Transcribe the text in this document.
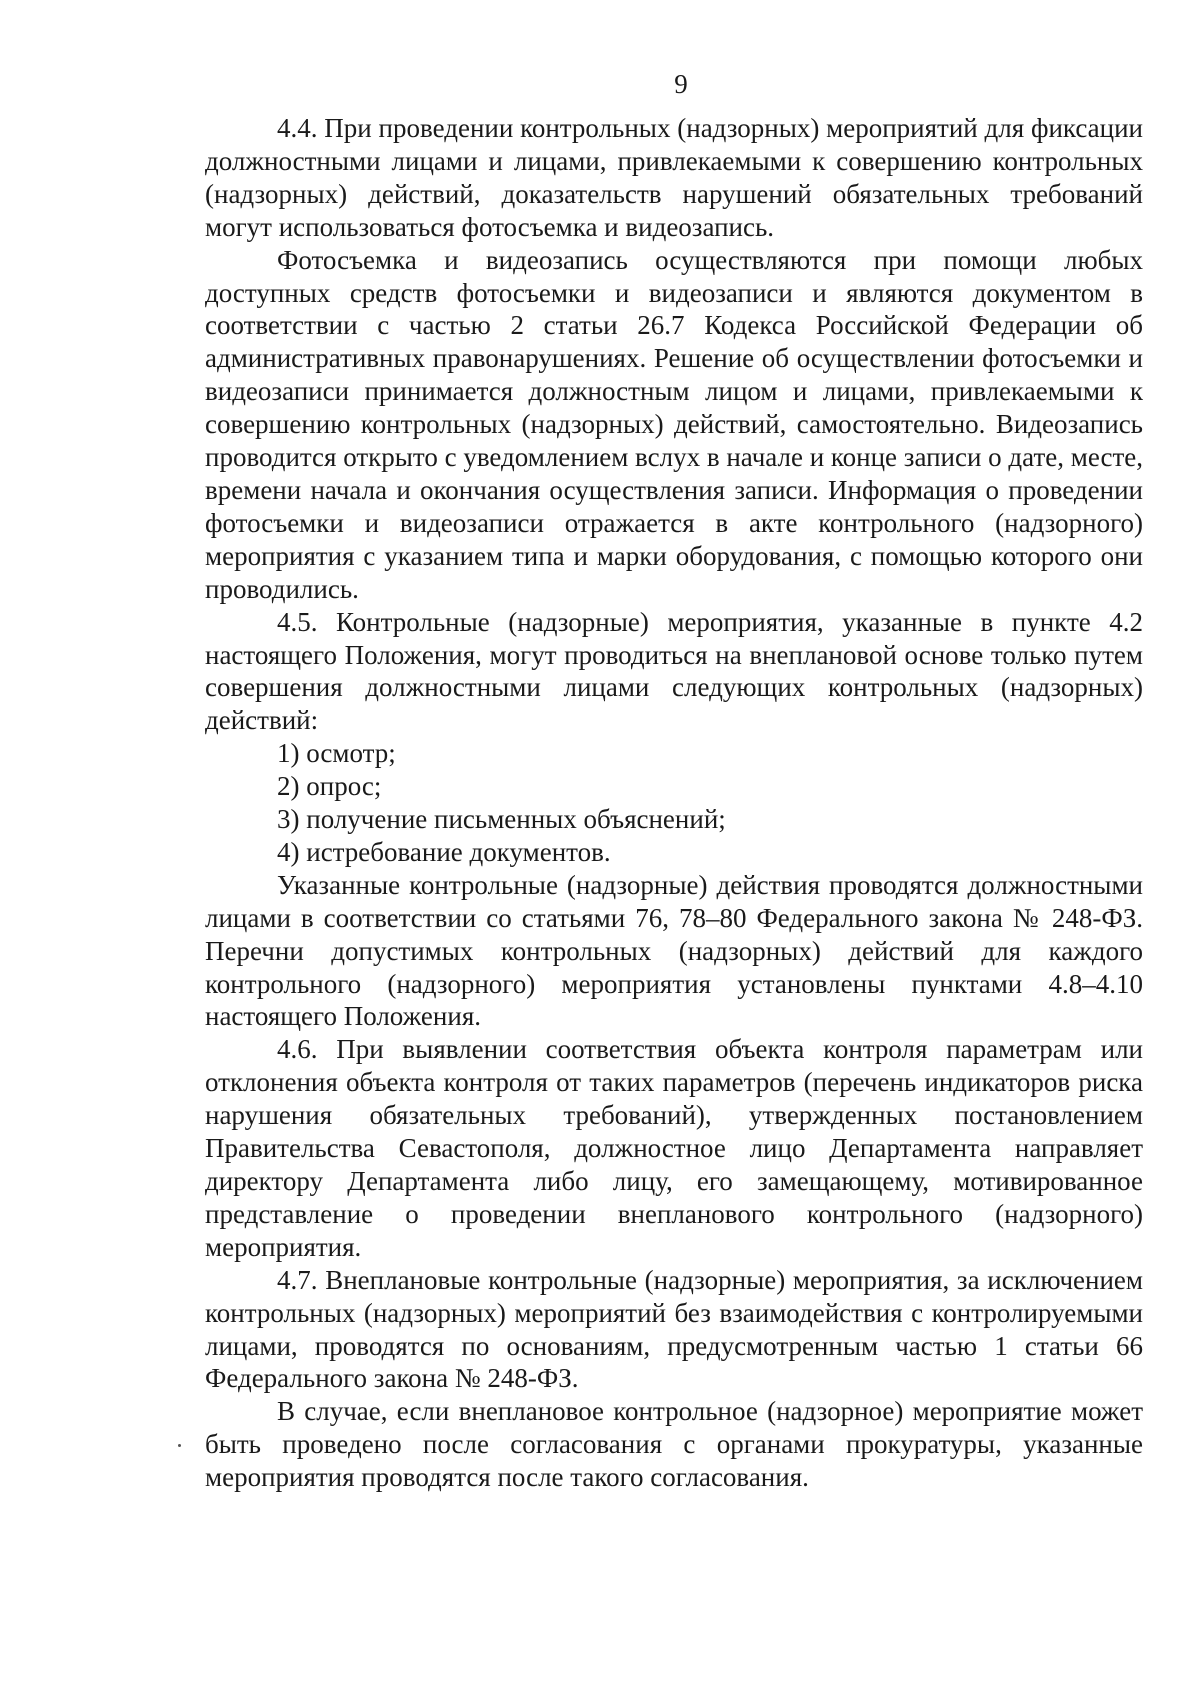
9

4.4. При проведении контрольных (надзорных) мероприятий для фиксации должностными лицами и лицами, привлекаемыми к совершению контрольных (надзорных) действий, доказательств нарушений обязательных требований могут использоваться фотосъемка и видеозапись.

Фотосъемка и видеозапись осуществляются при помощи любых доступных средств фотосъемки и видеозаписи и являются документом в соответствии с частью 2 статьи 26.7 Кодекса Российской Федерации об административных правонарушениях. Решение об осуществлении фотосъемки и видеозаписи принимается должностным лицом и лицами, привлекаемыми к совершению контрольных (надзорных) действий, самостоятельно. Видеозапись проводится открыто с уведомлением вслух в начале и конце записи о дате, месте, времени начала и окончания осуществления записи. Информация о проведении фотосъемки и видеозаписи отражается в акте контрольного (надзорного) мероприятия с указанием типа и марки оборудования, с помощью которого они проводились.

4.5. Контрольные (надзорные) мероприятия, указанные в пункте 4.2 настоящего Положения, могут проводиться на внеплановой основе только путем совершения должностными лицами следующих контрольных (надзорных) действий:

1) осмотр;

2) опрос;

3) получение письменных объяснений;

4) истребование документов.

Указанные контрольные (надзорные) действия проводятся должностными лицами в соответствии со статьями 76, 78–80 Федерального закона № 248-ФЗ. Перечни допустимых контрольных (надзорных) действий для каждого контрольного (надзорного) мероприятия установлены пунктами 4.8–4.10 настоящего Положения.

4.6. При выявлении соответствия объекта контроля параметрам или отклонения объекта контроля от таких параметров (перечень индикаторов риска нарушения обязательных требований), утвержденных постановлением Правительства Севастополя, должностное лицо Департамента направляет директору Департамента либо лицу, его замещающему, мотивированное представление о проведении внепланового контрольного (надзорного) мероприятия.

4.7. Внеплановые контрольные (надзорные) мероприятия, за исключением контрольных (надзорных) мероприятий без взаимодействия с контролируемыми лицами, проводятся по основаниям, предусмотренным частью 1 статьи 66 Федерального закона № 248-ФЗ.

В случае, если внеплановое контрольное (надзорное) мероприятие может быть проведено после согласования с органами прокуратуры, указанные мероприятия проводятся после такого согласования.
